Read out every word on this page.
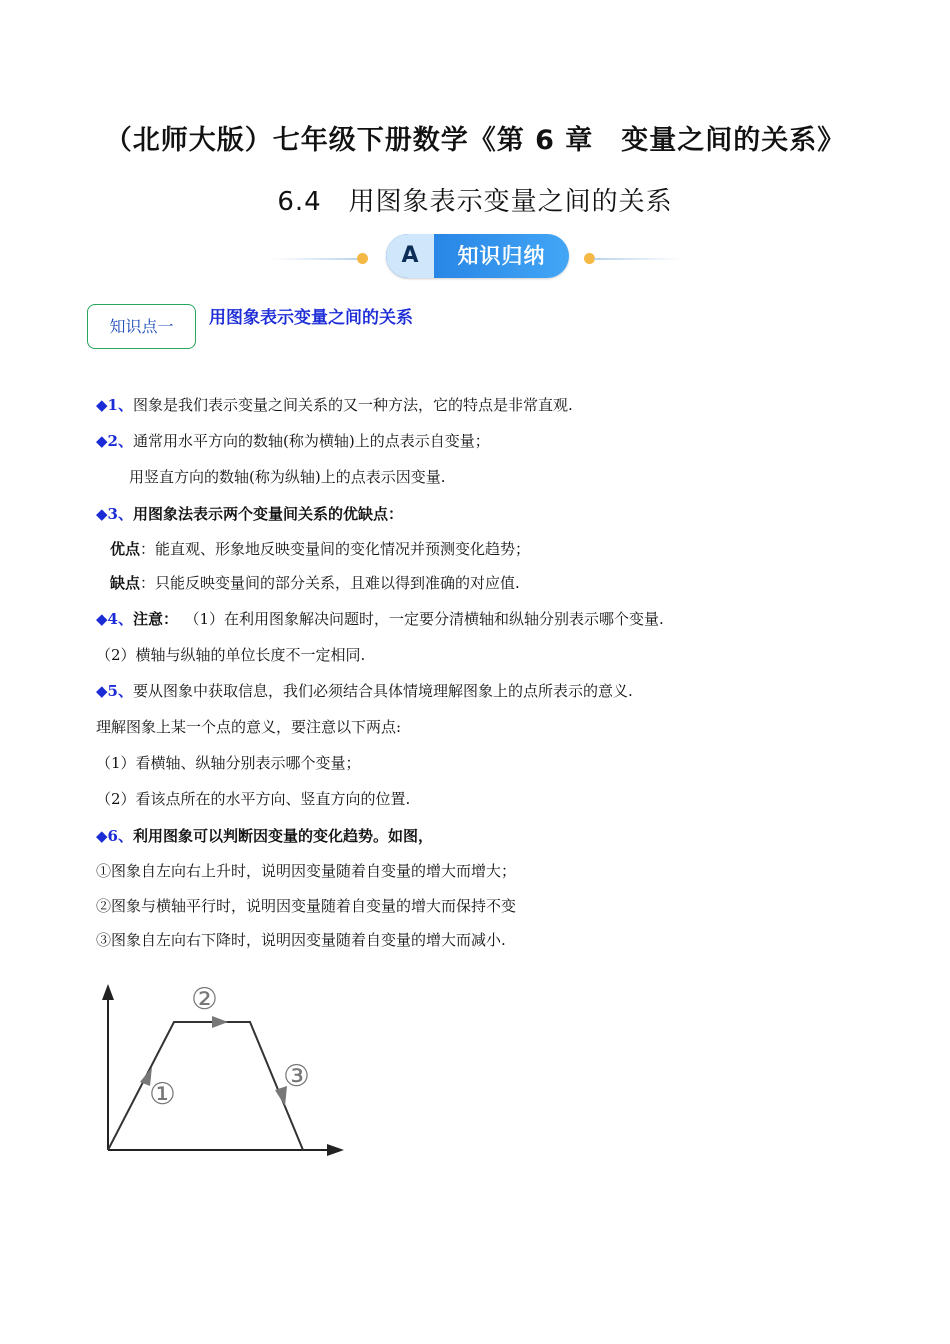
（北师大版）七年级下册数学《第 6 章　变量之间的关系》
6.4　用图象表示变量之间的关系
A	知识归纳
知识点一	用图象表示变量之间的关系
◆1、图象是我们表示变量之间关系的又一种方法，它的特点是非常直观.
◆2、通常用水平方向的数轴(称为横轴)上的点表示自变量；
用竖直方向的数轴(称为纵轴)上的点表示因变量.
◆3、用图象法表示两个变量间关系的优缺点：
优点：能直观、形象地反映变量间的变化情况并预测变化趋势；
缺点：只能反映变量间的部分关系，且难以得到准确的对应值.
◆4、注意： （1）在利用图象解决问题时，一定要分清横轴和纵轴分别表示哪个变量.
（2）横轴与纵轴的单位长度不一定相同.
◆5、要从图象中获取信息，我们必须结合具体情境理解图象上的点所表示的意义.
理解图象上某一个点的意义，要注意以下两点:
（1）看横轴、纵轴分别表示哪个变量；
（2）看该点所在的水平方向、竖直方向的位置.
◆6、利用图象可以判断因变量的变化趋势。如图，
①图象自左向右上升时，说明因变量随着自变量的增大而增大；
②图象与横轴平行时，说明因变量随着自变量的增大而保持不变
③图象自左向右下降时，说明因变量随着自变量的增大而减小.
①
②
③
